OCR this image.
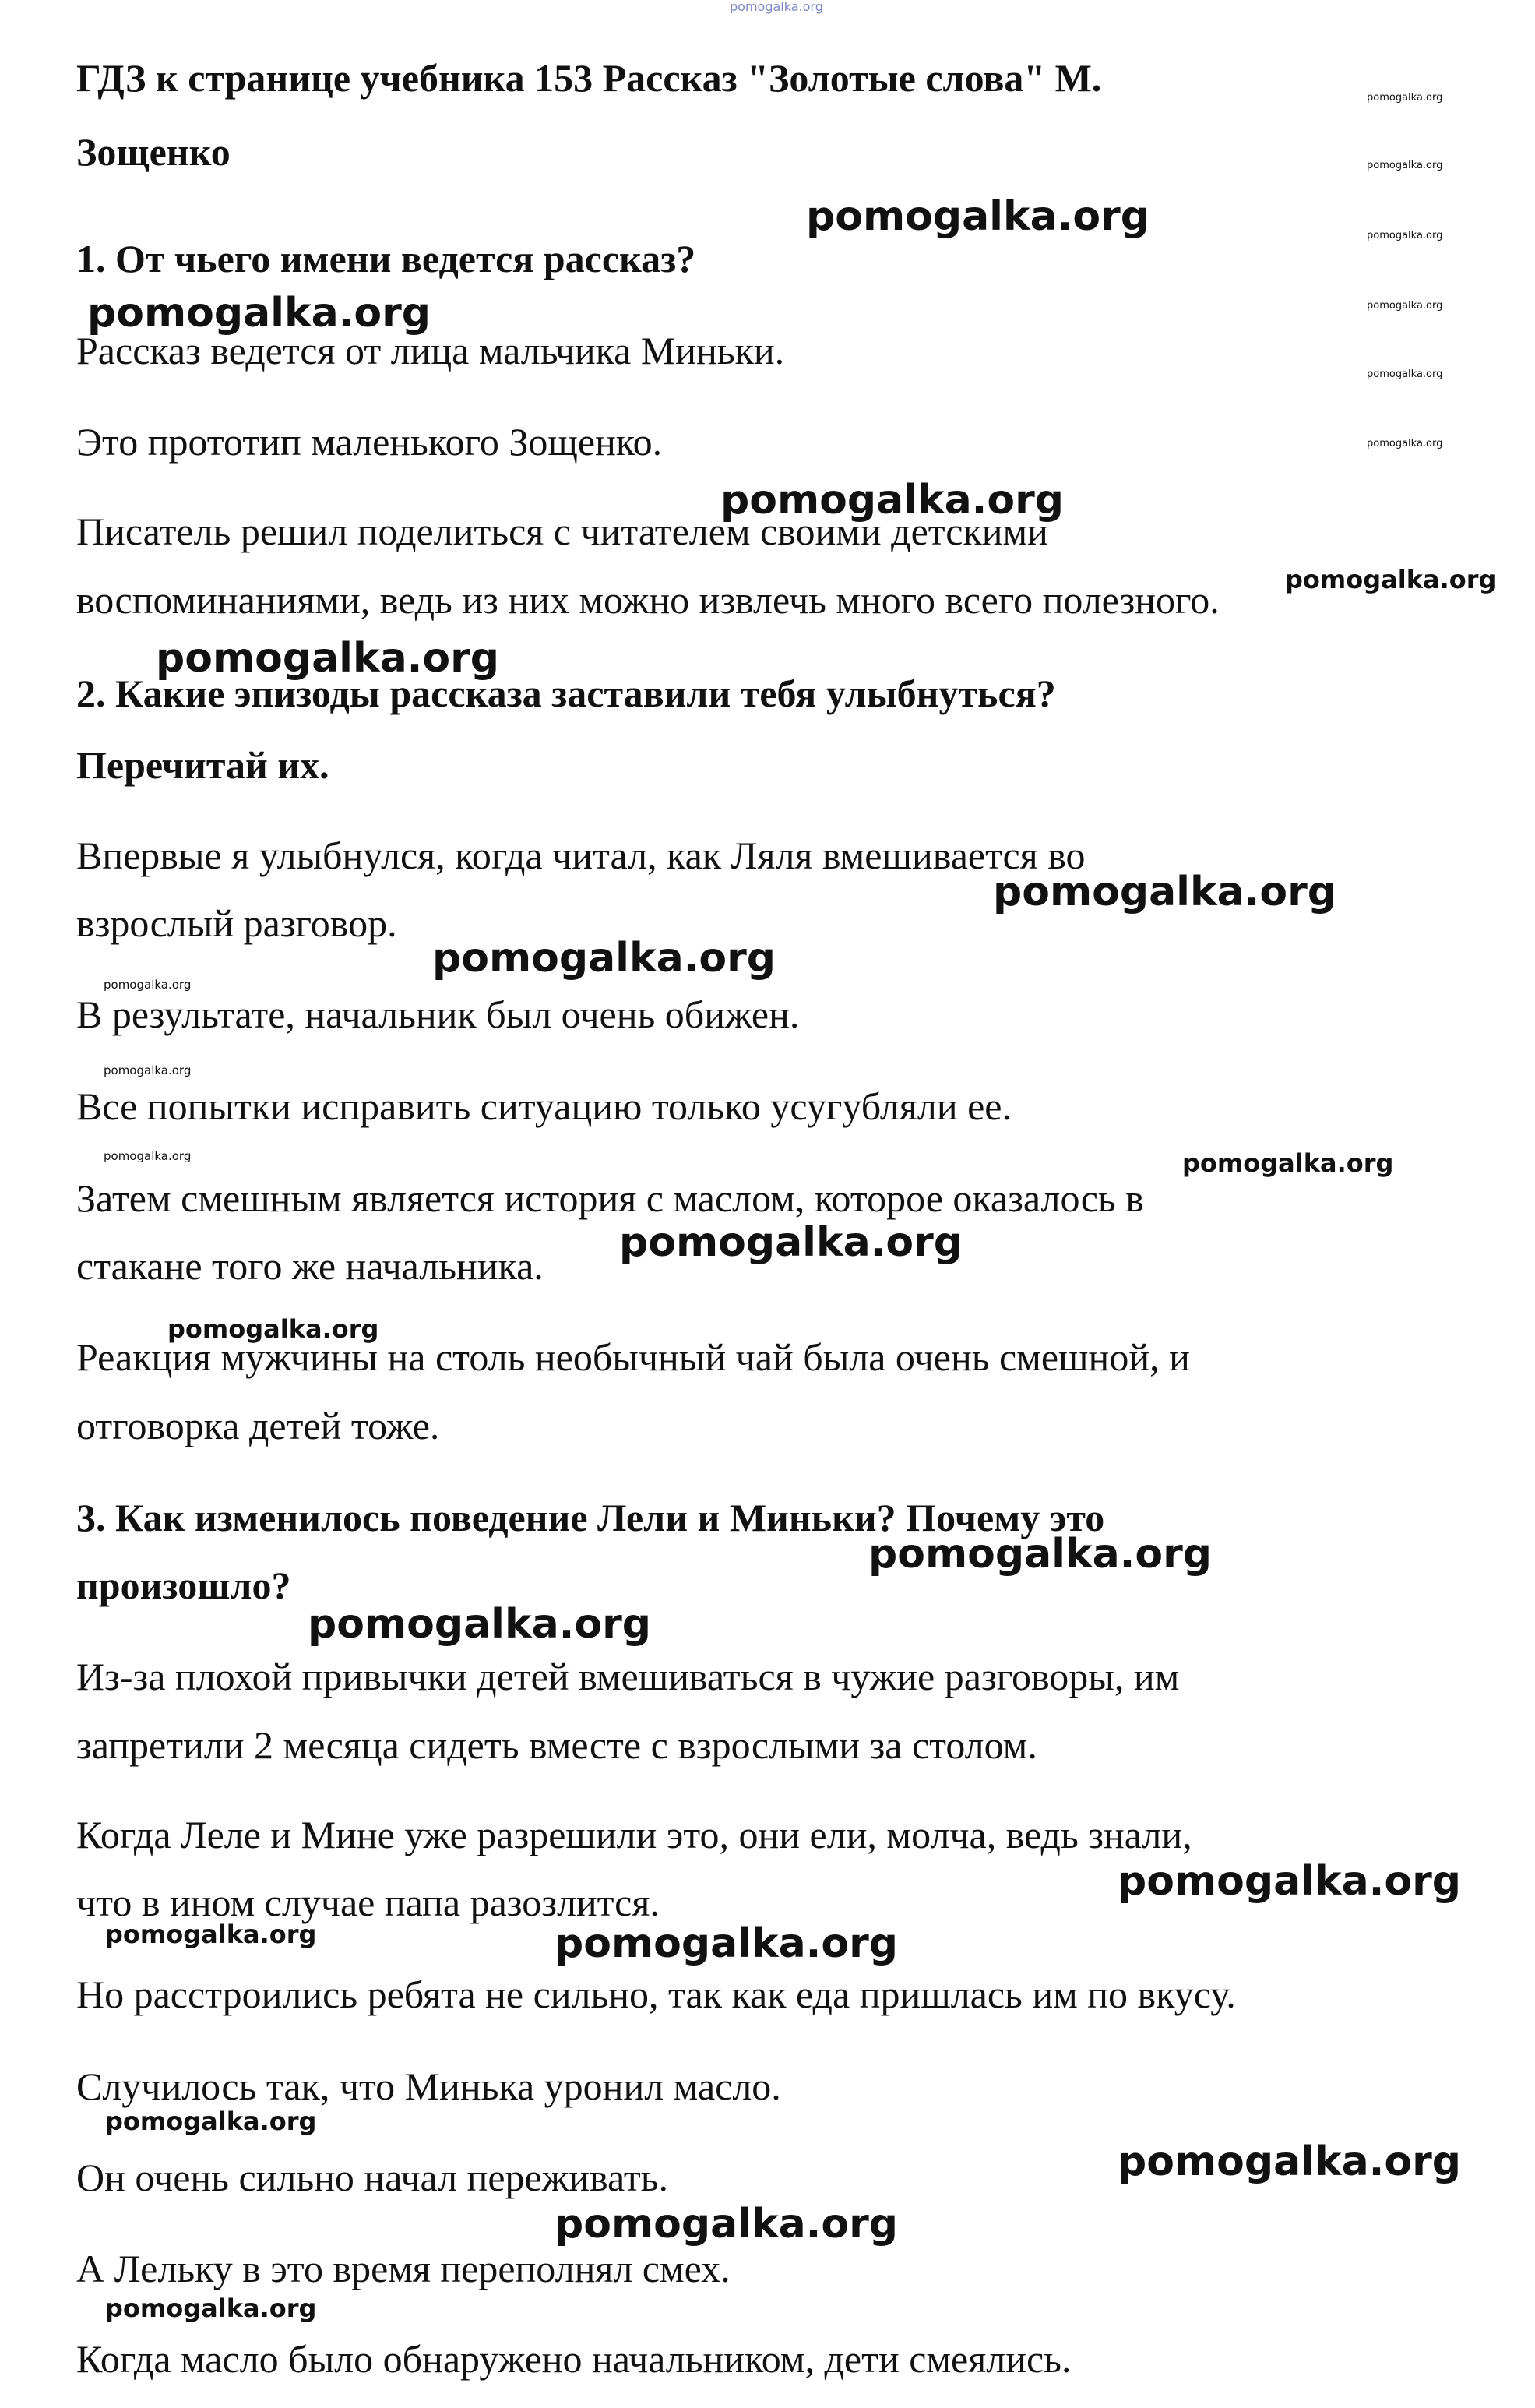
pomogalka.org

ГДЗ к странице учебника 153 Рассказ "Золотые слова" М.
Зощенко
1. От чьего имени ведется рассказ?

Рассказ ведется от лица мальчика Миньки.

Это прототип маленького Зощенко.

Писатель решил поделиться с читателем своими детскими

воспоминаниями, ведь из них можно извлечь много всего полезного.

2. Какие эпизоды рассказа заставили тебя улыбнуться?
Перечитай их.

Впервые я улыбнулся, когда читал, как Ляля вмешивается во

взрослый разговор.

В результате, начальник был очень обижен.

Все попытки исправить ситуацию только усугубляли ее.

Затем смешным является история с маслом, которое оказалось в

стакане того же начальника.

Реакция мужчины на столь необычный чай была очень смешной, и

отговорка детей тоже.

3. Как изменилось поведение Лели и Миньки? Почему это
произошло?

Из-за плохой привычки детей вмешиваться в чужие разговоры, им

запретили 2 месяца сидеть вместе с взрослыми за столом.

Когда Леле и Мине уже разрешили это, они ели, молча, ведь знали,

что в ином случае папа разозлится.

Но расстроились ребята не сильно, так как еда пришлась им по вкусу.

Случилось так, что Минька уронил масло.

Он очень сильно начал переживать.

А Лельку в это время переполнял смех.

Когда масло было обнаружено начальником, дети смеялись.

pomogalka.org

pomogalka.org

pomogalka.org

pomogalka.org

pomogalka.org

pomogalka.org

pomogalka.org

pomogalka.org

pomogalka.org

pomogalka.org

pomogalka.org

pomogalka.org

pomogalka.org

pomogalka.org

pomogalka.org

pomogalka.org

pomogalka.org

pomogalka.org

pomogalka.org

pomogalka.org

pomogalka.org

pomogalka.org

pomogalka.org

pomogalka.org

pomogalka.org

pomogalka.org

pomogalka.org

pomogalka.org
